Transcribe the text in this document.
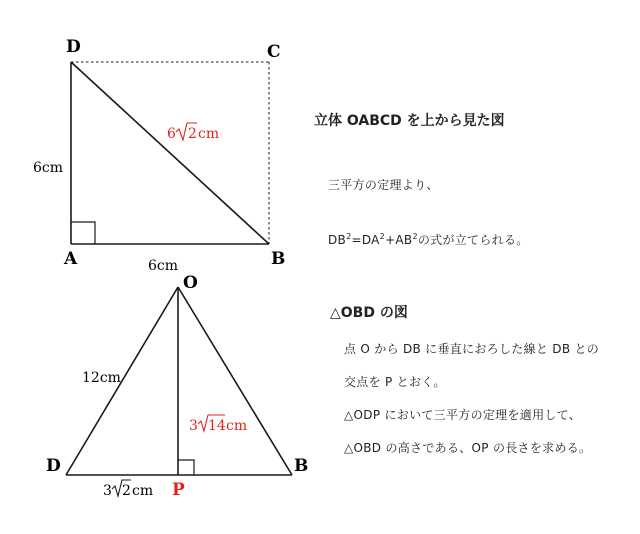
D	C
A	B
6cm
6cm
6 2 cm
O
D	B
P
12cm
3 2 cm
3 14 cm

立体 OABCD を上から見た図

三平方の定理より、

$DB^2=DA^2+AB^2$の式が立てられる。

△OBD の図

点 O から DB に垂直におろした線と DB との

交点を P とおく。

△ODP において三平方の定理を適用して、

△OBD の高さである、OP の長さを求める。
